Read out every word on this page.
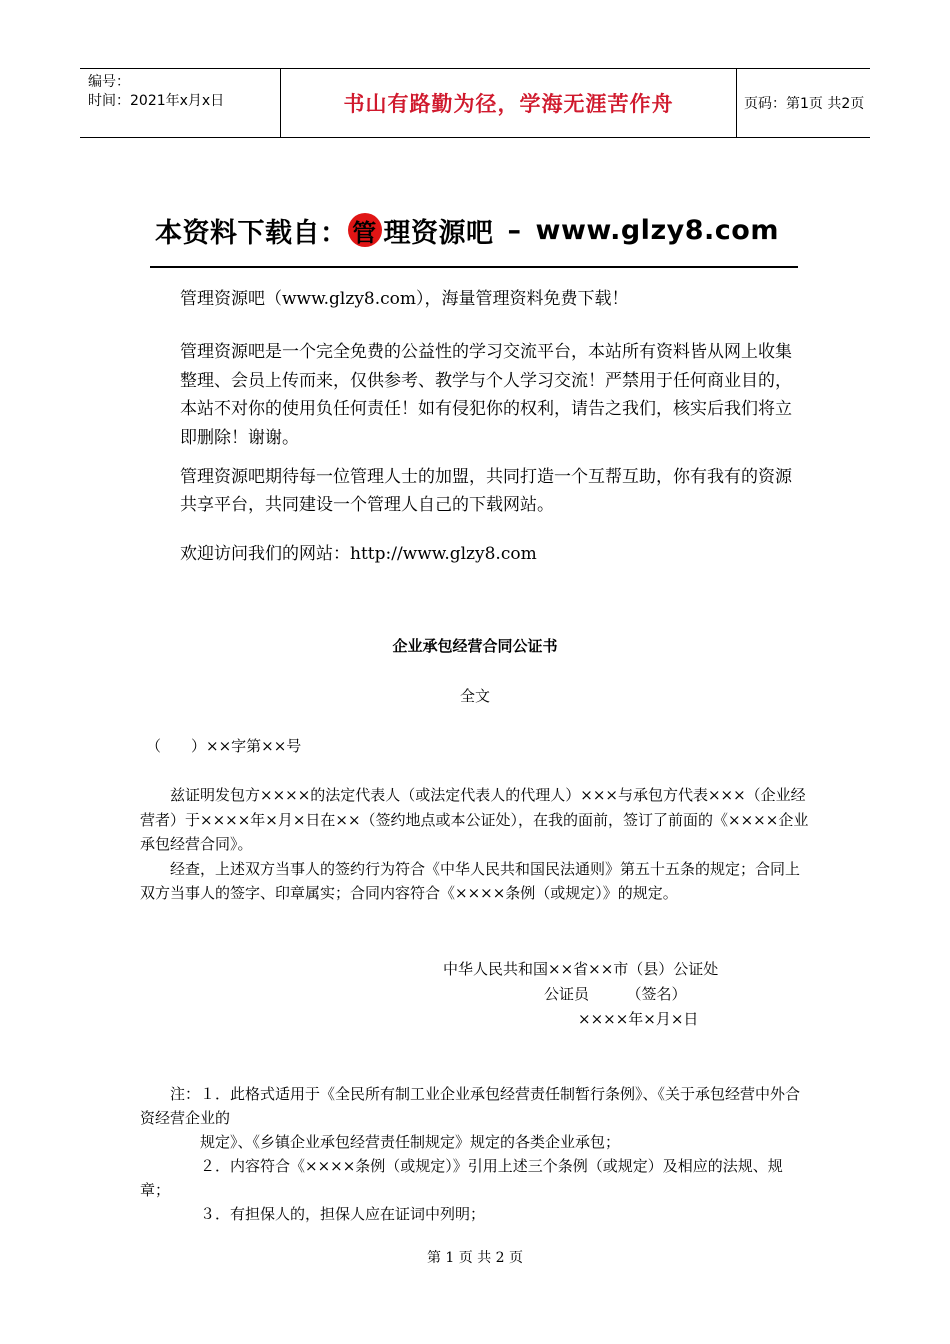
编号：
时间：2021年x月x日	书山有路勤为径，学海无涯苦作舟	页码：第1页 共2页
本资料下载自： 管 理资源吧 – www.glzy8.com

管理资源吧（www.glzy8.com），海量管理资料免费下载！

管理资源吧是一个完全免费的公益性的学习交流平台，本站所有资料皆从网上收集整理、会员上传而来，仅供参考、教学与个人学习交流！严禁用于任何商业目的，本站不对你的使用负任何责任！如有侵犯你的权利，请告之我们，核实后我们将立即删除！谢谢。

管理资源吧期待每一位管理人士的加盟，共同打造一个互帮互助，你有我有的资源共享平台，共同建设一个管理人自己的下载网站。

欢迎访问我们的网站：http://www.glzy8.com

企业承包经营合同公证书
全文
（　　）××字第××号

　　兹证明发包方××××的法定代表人（或法定代表人的代理人）×××与承包方代表×××（企业经营者）于××××年×月×日在××（签约地点或本公证处），在我的面前，签订了前面的《××××企业承包经营合同》。

　　经查，上述双方当事人的签约行为符合《中华人民共和国民法通则》第五十五条的规定；合同上双方当事人的签字、印章属实；合同内容符合《××××条例（或规定）》的规定。

中华人民共和国××省××市（县）公证处
公证员　　　（签名）
××××年×月×日

　　注：１．此格式适用于《全民所有制工业企业承包经营责任制暂行条例》、《关于承包经营中外合资经营企业的

　　　　规定》、《乡镇企业承包经营责任制规定》规定的各类企业承包；

　　　　２．内容符合《××××条例（或规定）》引用上述三个条例（或规定）及相应的法规、规章；

　　　　３．有担保人的，担保人应在证词中列明；

第 1 页 共 2 页
